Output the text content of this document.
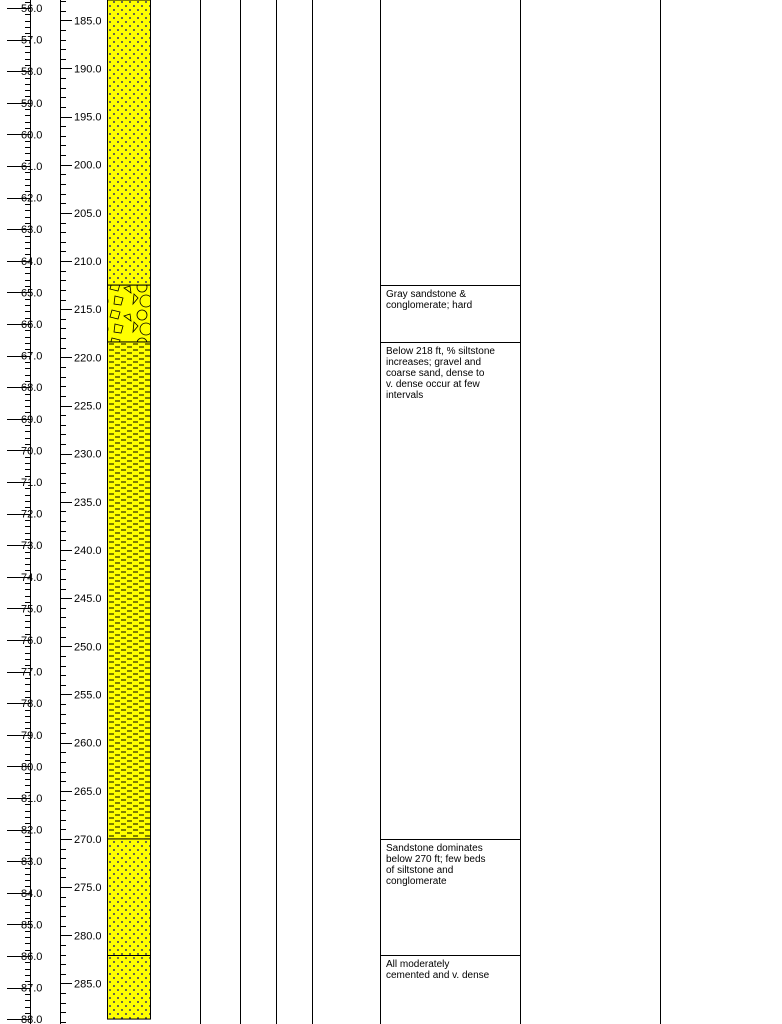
56.0
57.0
58.0
59.0
60.0
61.0
62.0
63.0
64.0
65.0
66.0
67.0
68.0
69.0
70.0
71.0
72.0
73.0
74.0
75.0
76.0
77.0
78.0
79.0
80.0
81.0
82.0
83.0
84.0
85.0
86.0
87.0
88.0
185.0
190.0
195.0
200.0
205.0
210.0
215.0
220.0
225.0
230.0
235.0
240.0
245.0
250.0
255.0
260.0
265.0
270.0
275.0
280.0
285.0
Gray sandstone &
conglomerate; hard
Below 218 ft, % siltstone
increases; gravel and
coarse sand, dense to
v. dense occur at few
intervals
Sandstone dominates
below 270 ft; few beds
of siltstone and
conglomerate
All moderately
cemented and v. dense
